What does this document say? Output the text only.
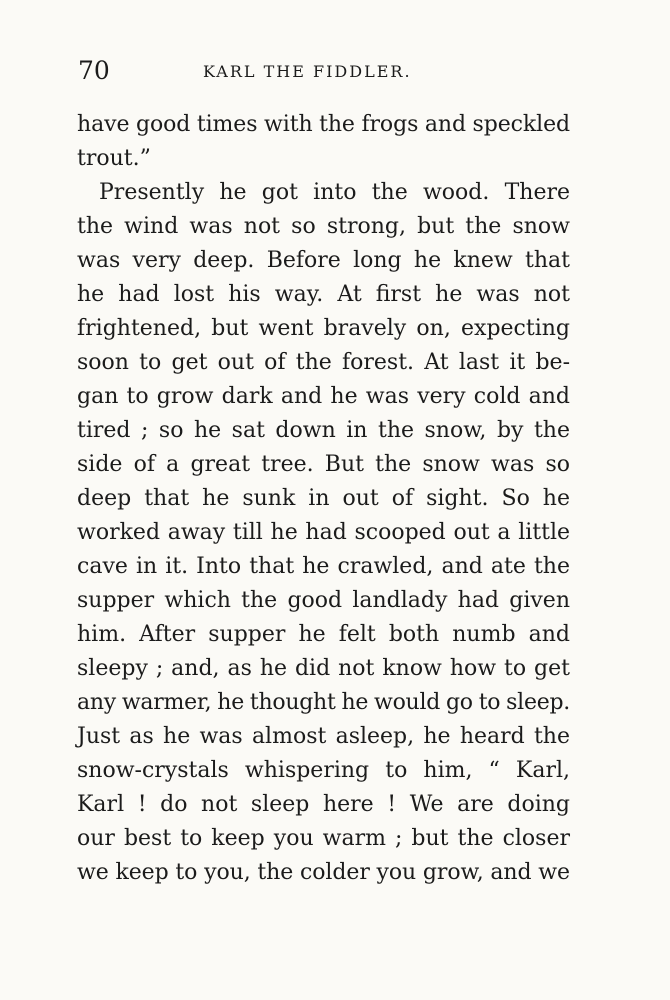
70	KARL THE FIDDLER.
have good times with the frogs and speckled
trout.”
Presently he got into the wood. There
the wind was not so strong, but the snow
was very deep. Before long he knew that
he had lost his way. At first he was not
frightened, but went bravely on, expecting
soon to get out of the forest. At last it be-
gan to grow dark and he was very cold and
tired ; so he sat down in the snow, by the
side of a great tree. But the snow was so
deep that he sunk in out of sight. So he
worked away till he had scooped out a little
cave in it. Into that he crawled, and ate the
supper which the good landlady had given
him. After supper he felt both numb and
sleepy ; and, as he did not know how to get
any warmer, he thought he would go to sleep.
Just as he was almost asleep, he heard the
snow-crystals whispering to him, “ Karl,
Karl ! do not sleep here ! We are doing
our best to keep you warm ; but the closer
we keep to you, the colder you grow, and we
